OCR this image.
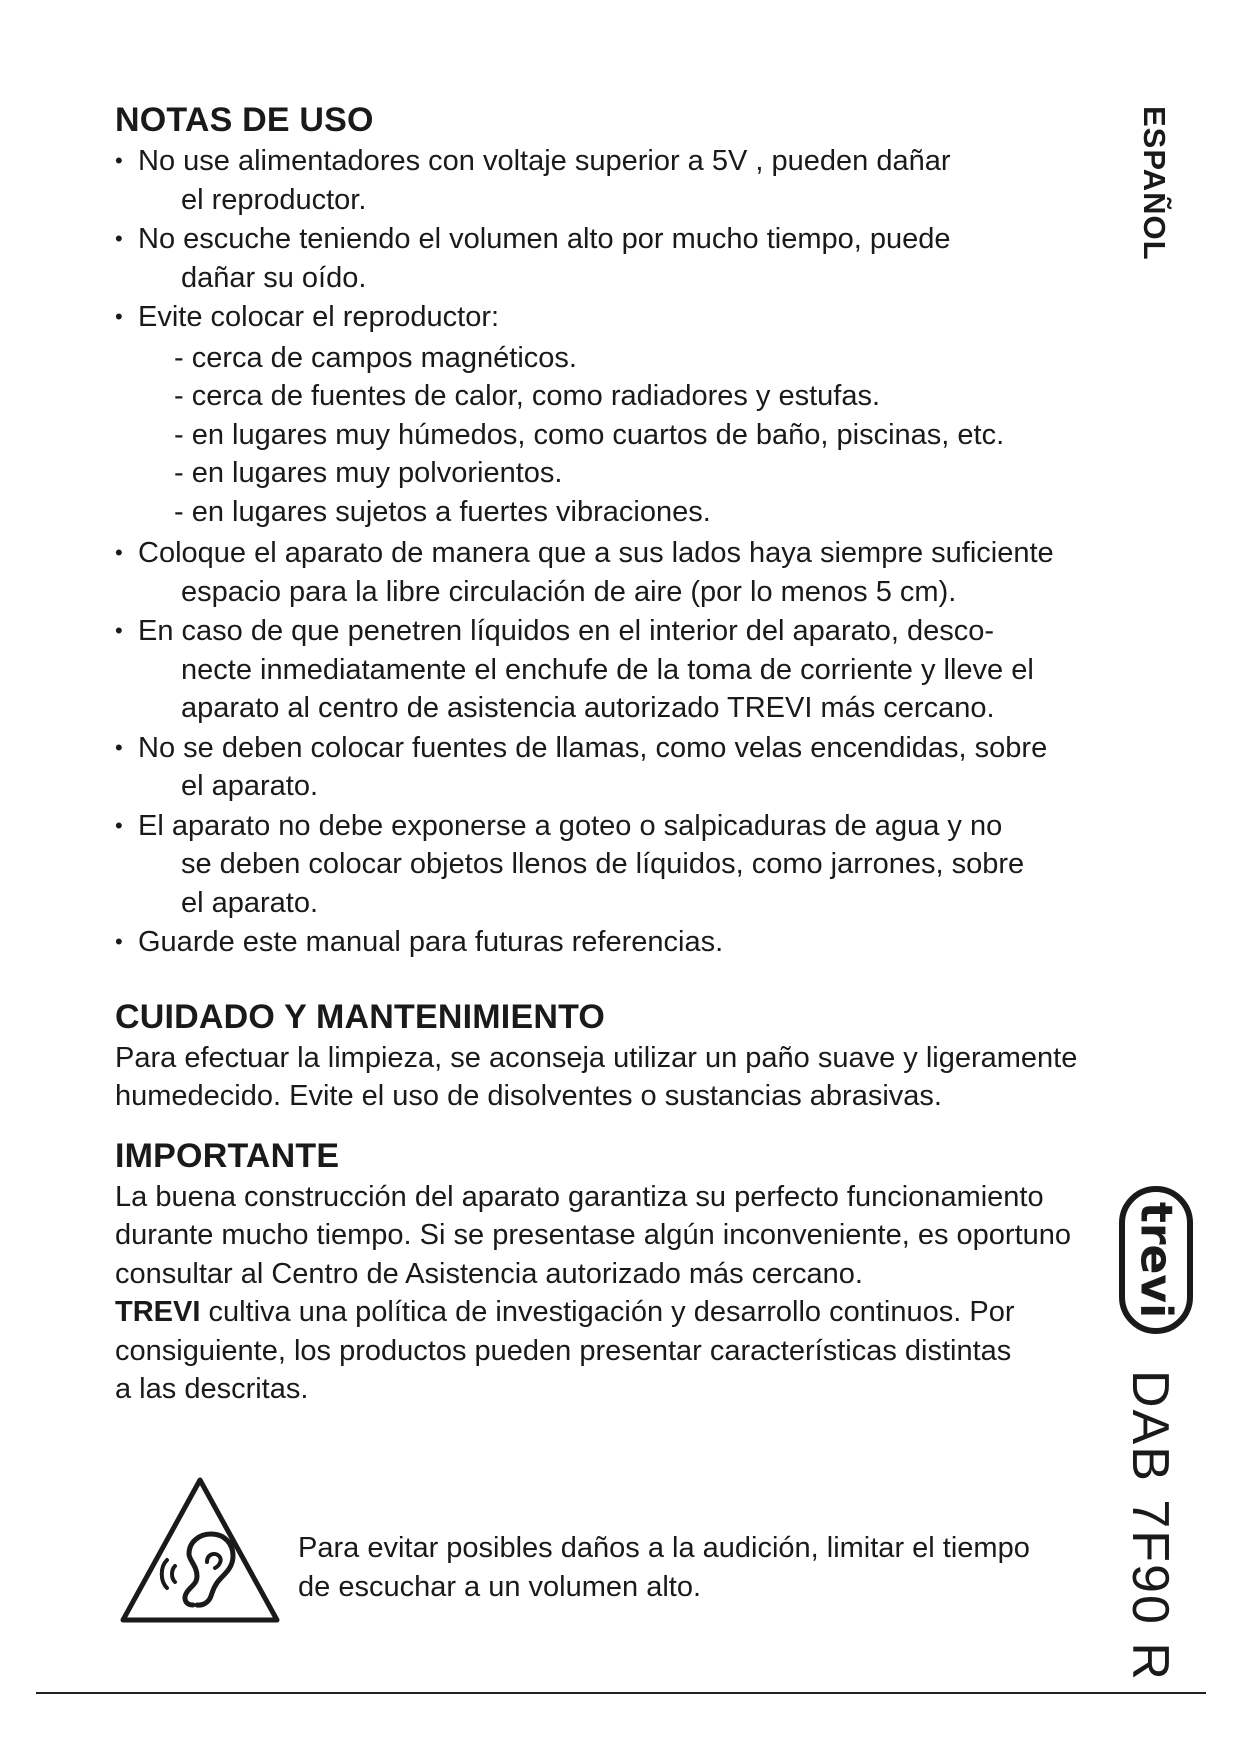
ESPAÑOL
NOTAS DE USO
• No use alimentadores con voltaje superior a 5V , pueden dañar
el reproductor.
• No escuche teniendo el volumen alto por mucho tiempo, puede
dañar su oído.
• Evite colocar el reproductor:
- cerca de campos magnéticos.
- cerca de fuentes de calor, como radiadores y estufas.
- en lugares muy húmedos, como cuartos de baño, piscinas, etc.
- en lugares muy polvorientos.
- en lugares sujetos a fuertes vibraciones.
• Coloque el aparato de manera que a sus lados haya siempre suficiente
espacio para la libre circulación de aire (por lo menos 5 cm).
• En caso de que penetren líquidos en el interior del aparato, desco-
necte inmediatamente el enchufe de la toma de corriente y lleve el
aparato al centro de asistencia autorizado TREVI más cercano.
• No se deben colocar fuentes de llamas, como velas encendidas, sobre
el aparato.
• El aparato no debe exponerse a goteo o salpicaduras de agua y no
se deben colocar objetos llenos de líquidos, como jarrones, sobre
el aparato.
• Guarde este manual para futuras referencias.
CUIDADO Y MANTENIMIENTO

Para efectuar la limpieza, se aconseja utilizar un paño suave y ligeramente
humedecido. Evite el uso de disolventes o sustancias abrasivas.

IMPORTANTE

La buena construcción del aparato garantiza su perfecto funcionamiento
durante mucho tiempo. Si se presentase algún inconveniente, es oportuno
consultar al Centro de Asistencia autorizado más cercano.

TREVI cultiva una política de investigación y desarrollo continuos. Por
consiguiente, los productos pueden presentar características distintas
a las descritas.

trevi
DAB 7F90 R
Para evitar posibles daños a la audición, limitar el tiempo
de escuchar a un volumen alto.
